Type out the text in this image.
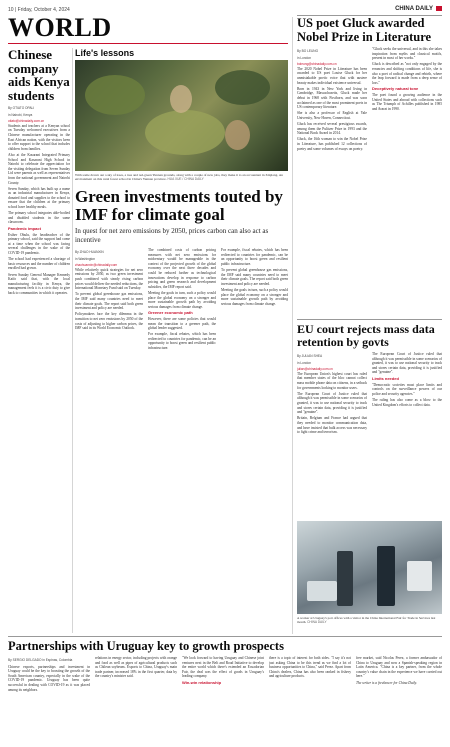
10 | Friday, October 4, 2024	CHINA DAILY
WORLD
Chinese company aids Kenya students
By OTIATO OPALI
in Nairobi, Kenya
otiato@chinadaily.com.cn

Students and teachers at a Kenyan school on Tuesday welcomed executives from a Chinese manufacturer operating in the East African nation, with the visitors keen to offer support to the school that includes children from families.

Also at the Kasarani Integrated Primary School and Kasarani High School in Nairobi to celebrate the appreciation for the visiting delegation from Seven Sunday Ltd were parents as well as representatives from the national government and Nairobi County.

Seven Sunday, which has built up a name as an industrial manufacturer in Kenya, donated food and supplies to the school to ensure that the children at the primary school have healthy meals.

The primary school integrates able-bodied and disabled students in the same classroom.

Pandemic impact

Esther Obulu, the headteacher of the primary school, said the support had come at a time when the school was facing several challenges in the wake of the COVID-19 pandemic.

The school had experienced a shortage of basic resources and the number of children enrolled had grown.

Seven Sunday General Manager Kennedy Kaifo said that, with the local manufacturing facility in Kenya, the management feels it is a civic duty to give back to communities in which it operates.

Life's lessons
With some drawn out a sky of trees, a tree and red-green Yunnan grounds, along with a couple of new jobs, they make it to an accountant in Xinjiang. An environment on this rural forest school in China's Yunnan province. HUA XUE / CHINA DAILY
Green investments touted by IMF for climate goal
In quest for net zero emissions by 2050, prices carbon can also act as incentive
By ZHAO HUANXIN
in Washington
zhaohuanxin@chinadaily.com

While relatively quick strategies for net zero emissions by 2050, as two green investment push combined with steady rising carbon prices would deliver the needed reductions, the International Monetary Fund said on Tuesday.

To prevent global greenhouse gas emissions, the IMF said many countries need to meet their climate goals. The report said both green investment and policy are needed.

Policymakers face the key dilemma in the transition to net zero emissions by 2050 of the costs of adjusting to higher carbon prices, the IMF said in its World Economic Outlook.

The combined costs of carbon pricing measures with net zero emissions for midcentury would be manageable in the context of the projected growth of the global economy over the next three decades and could be reduced further as technological innovations develop in response to carbon pricing and green research and development subsidies, the IMF report said.

Meeting the goals in turn, such a policy would place the global economy on a stronger and more sustainable growth path by avoiding serious damages from climate change.

Greener economic path

However, there are some policies that would mean the transition to a greener path, the global lender suggested.

For example, fiscal rebates, which has been redirected to countries for pandemic, can be an opportunity to boost green and resilient public infrastructure.

For example, fiscal rebates, which has been redirected to countries for pandemic, can be an opportunity to boost green and resilient public infrastructure.

To prevent global greenhouse gas emissions, the IMF said many countries need to meet their climate goals. The report said both green investment and policy are needed.

Meeting the goals in turn, such a policy would place the global economy on a stronger and more sustainable growth path by avoiding serious damages from climate change.

US poet Gluck awarded Nobel Prize in Literature
By BO LEUNG
in London
boleung@chinadaily.com.cn

The 2020 Nobel Prize in Literature has been awarded to US poet Louise Gluck for her unmistakable poetic voice that with austere beauty makes individual existence universal.

Born in 1943 in New York and living in Cambridge, Massachusetts, Gluck made her debut in 1968 with Firstborn, and was soon acclaimed as one of the most prominent poets in US contemporary literature.

She is also a professor of English at Yale University, New Haven, Connecticut.

Gluck has received several prestigious awards, among them the Pulitzer Prize in 1993 and the National Book Award in 2014.

Gluck, the 16th woman to win the Nobel Prize in Literature, has published 12 collections of poetry and some volumes of essays on poetry.

"Gluck seeks the universal, and in this she takes inspiration from myths and classical motifs, present in most of her works."

Gluck is described as "not only engaged by the errancies and shifting conditions of life, she is also a poet of radical change and rebirth, where the leap forward is made from a deep sense of loss."

Deceptively natural tone

The poet found a growing audience in the United States and abroad with collections such as The Triumph of Achilles published in 1985 and Ararat in 1990.

EU court rejects mass data retention by govts
By JULIAN SHEA
in London
julian@chinadaily.com.cn

The European Union's highest court has ruled that member states of the bloc cannot collect mass mobile phone data on citizens, in a setback for governments looking to monitor users.

The European Court of Justice ruled that although it was permissible in some scenarios of granted, it was to use national security to track and stores certain data, providing it is justified and "genuine".

Britain, Belgium and France had argued that they needed to monitor communication data, and have insisted that bulk access was necessary to fight crime and terrorism.

The European Court of Justice ruled that although it was permissible in some scenarios of granted, it was to use national security to track and stores certain data, providing it is justified and "genuine".

Limits needed

"Democratic societies must place limits and controls on the surveillance powers of our police and security agencies."

The ruling has also come as a blow to the United Kingdom's efforts to collect data.

A worker at Uruguay's port offices with a visitor in the China International Fair for Trade in Services last month. CHINA DAILY
Partnerships with Uruguay key to growth prospects
By SERGIO DELGADO in Espinas, Colombia

Chinese exports, partnerships and investment in Uruguay could be the key to boosting the growth of the South American country, especially in the wake of the COVID-19 pandemic. Uruguay has been quite successful in dealing with COVID-19 as it was placed among its neighbors.

relations in energy sector, including projects with orange and food as well as pipes of agricultural products such as Chilean soybeans. Exports to China, Uruguay's main trade partner, increased 18% in the first quarter, data by the country's minister said.

"We look forward to having Uruguay and Chinese joint ventures next in the Belt and Road Initiative to develop the entire world which there's extended an Ecuadorian Fair, the deal was the effect of goods in Uruguay's leading company.

Win-win relationship

there is a topic of interest for both sides. "I say it's not just asking China to be this trend as we find a lot of business opportunities to China," said Perez. Apart from China's dealers, China has also been ranked in fishery and agriculture products.

free market, said Nicolas Perez, a former ambassador of China to Uruguay and now a Spanish-speaking region in Latin America. "China is a key partner, from the whole country's value chain in the experience we have carried out here."

The writer is a freelancer for China Daily.
